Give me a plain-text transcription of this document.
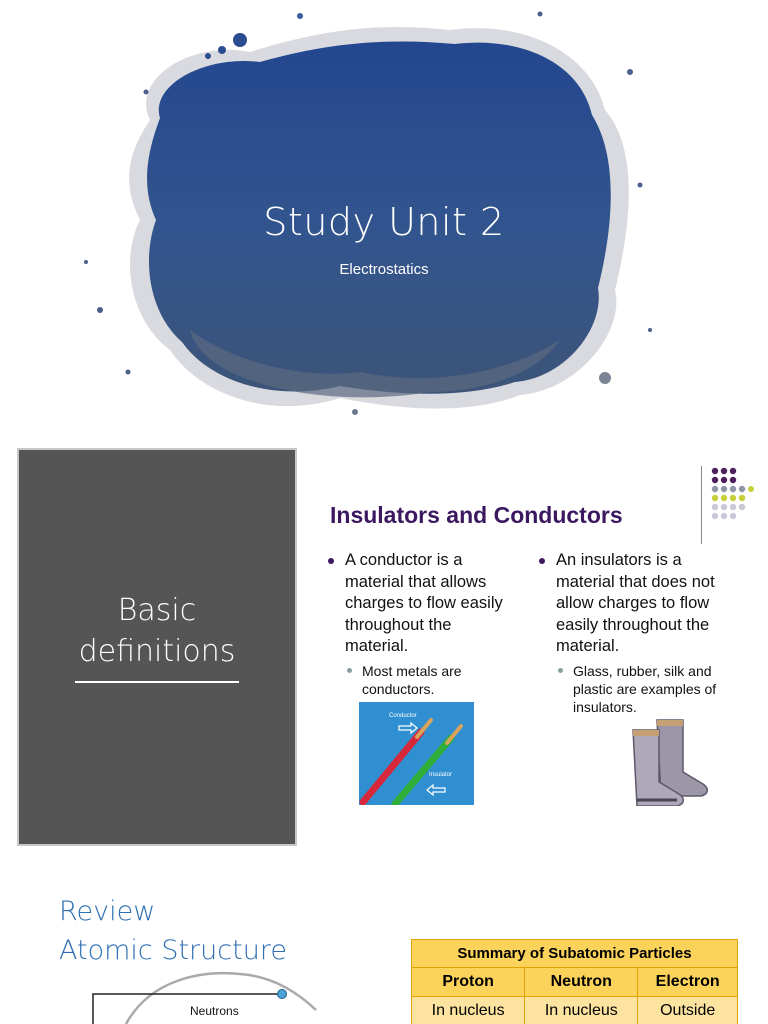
Study Unit 2
Electrostatics
Basic
definitions
Insulators and Conductors
A conductor is a material that allows charges to flow easily throughout the material.
Most metals are conductors.
An insulators is a material that does not allow charges to flow easily throughout the material.
Glass, rubber, silk and plastic are examples of insulators.
Conductor
Insulator
Review
Atomic Structure
Neutrons
Summary of Subatomic Particles		
Proton	Neutron	Electron
In nucleus	In nucleus	Outside
